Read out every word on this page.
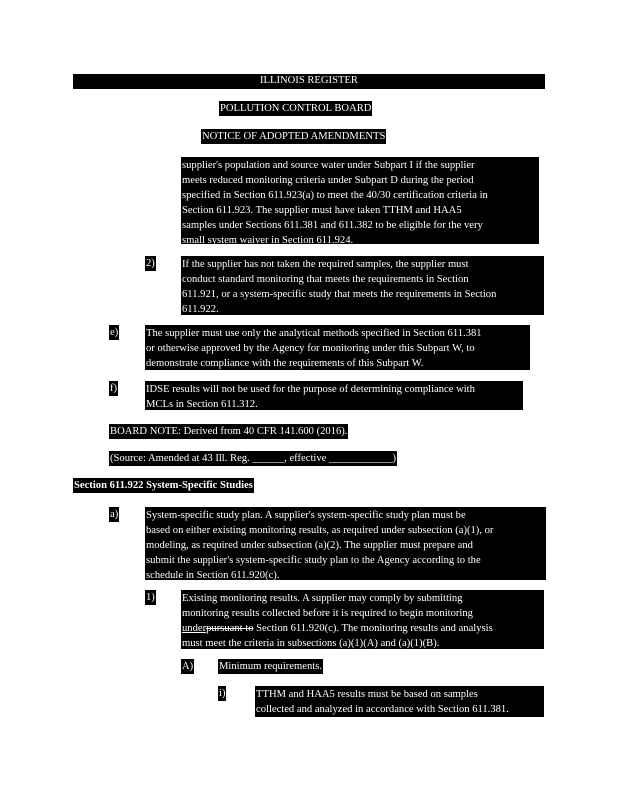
ILLINOIS REGISTER
POLLUTION CONTROL BOARD
NOTICE OF ADOPTED AMENDMENTS
supplier's population and source water under Subpart I if the supplier
meets reduced monitoring criteria under Subpart D during the period
specified in Section 611.923(a) to meet the 40/30 certification criteria in
Section 611.923. The supplier must have taken TTHM and HAA5
samples under Sections 611.381 and 611.382 to be eligible for the very
small system waiver in Section 611.924.
2)	If the supplier has not taken the required samples, the supplier must
conduct standard monitoring that meets the requirements in Section
611.921, or a system-specific study that meets the requirements in Section
611.922.
e)	The supplier must use only the analytical methods specified in Section 611.381
or otherwise approved by the Agency for monitoring under this Subpart W, to
demonstrate compliance with the requirements of this Subpart W.
f)	IDSE results will not be used for the purpose of determining compliance with
MCLs in Section 611.312.
BOARD NOTE: Derived from 40 CFR 141.600 (2016).
(Source: Amended at 43 Ill. Reg. ______, effective ____________)
Section 611.922 System-Specific Studies
a)	System-specific study plan. A supplier's system-specific study plan must be
based on either existing monitoring results, as required under subsection (a)(1), or
modeling, as required under subsection (a)(2). The supplier must prepare and
submit the supplier's system-specific study plan to the Agency according to the
schedule in Section 611.920(c).
1)	Existing monitoring results. A supplier may comply by submitting
monitoring results collected before it is required to begin monitoring
underpursuant to Section 611.920(c). The monitoring results and analysis
must meet the criteria in subsections (a)(1)(A) and (a)(1)(B).
A) Minimum requirements.
i)	TTHM and HAA5 results must be based on samples
collected and analyzed in accordance with Section 611.381.
